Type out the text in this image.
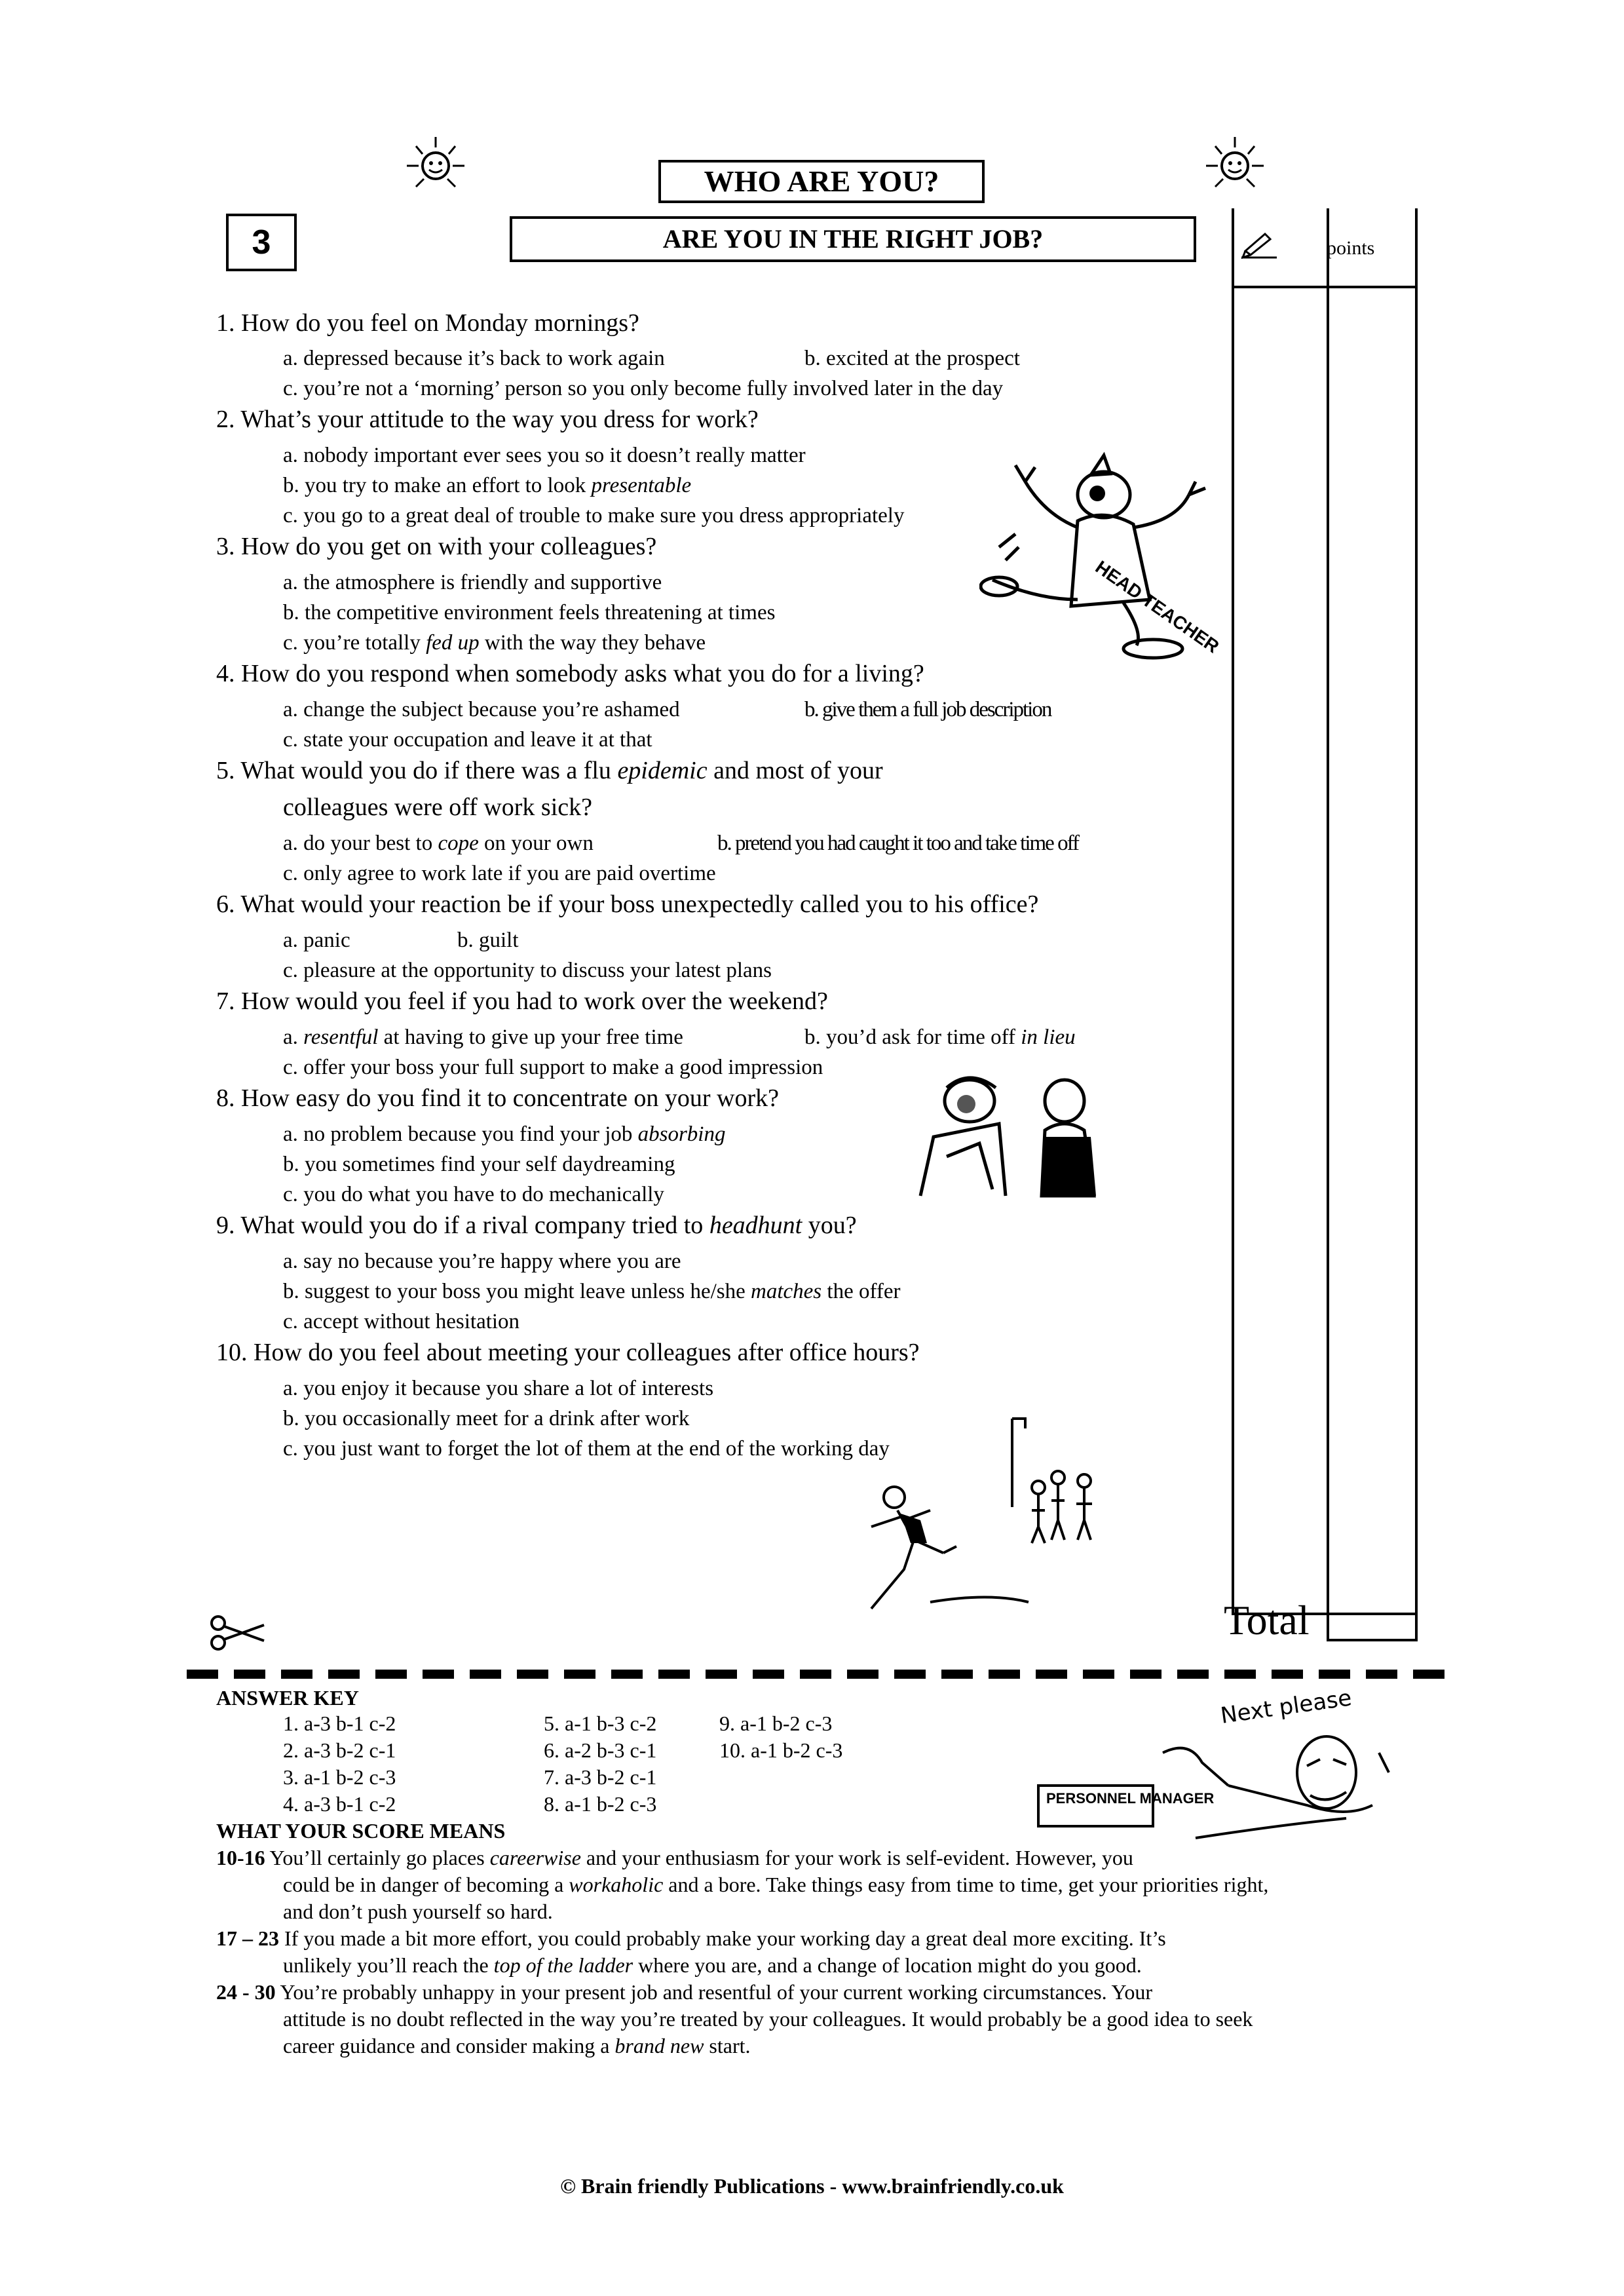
WHO ARE YOU?
3	ARE YOU IN THE RIGHT JOB?	points
Total
1. How do you feel on Monday mornings?
a. depressed because it’s back to work again	b. excited at the prospect
c. you’re not a ‘morning’ person so you only become fully involved later in the day
2. What’s your attitude to the way you dress for work?
a. nobody important ever sees you so it doesn’t really matter
b. you try to make an effort to look presentable
c. you go to a great deal of trouble to make sure you dress appropriately
3. How do you get on with your colleagues?
a. the atmosphere is friendly and supportive
b. the competitive environment feels threatening at times
c. you’re totally fed up with the way they behave
4. How do you respond when somebody asks what you do for a living?
a. change the subject because you’re ashamed	b. give them a full job description
c. state your occupation and leave it at that
5. What would you do if there was a flu epidemic and most of your
colleagues were off work sick?
a. do your best to cope on your own	b. pretend you had caught it too and take time off
c. only agree to work late if you are paid overtime
6. What would your reaction be if your boss unexpectedly called you to his office?
a. panic	b. guilt
c. pleasure at the opportunity to discuss your latest plans
7. How would you feel if you had to work over the weekend?
a. resentful at having to give up your free time	b. you’d ask for time off in lieu
c. offer your boss your full support to make a good impression
8. How easy do you find it to concentrate on your work?
a. no problem because you find your job absorbing
b. you sometimes find your self daydreaming
c. you do what you have to do mechanically
9. What would you do if a rival company tried to headhunt you?
a. say no because you’re happy where you are
b. suggest to your boss you might leave unless he/she matches the offer
c. accept without hesitation
10. How do you feel about meeting your colleagues after office hours?
a. you enjoy it because you share a lot of interests
b. you occasionally meet for a drink after work
c. you just want to forget the lot of them at the end of the working day
HEAD TEACHER
ANSWER KEY
1. a-3 b-1 c-2
2. a-3 b-2 c-1
3. a-1 b-2 c-3
4. a-3 b-1 c-2
5. a-1 b-3 c-2
6. a-2 b-3 c-1
7. a-3 b-2 c-1
8. a-1 b-2 c-3
9. a-1 b-2 c-3
10. a-1 b-2 c-3
Next please
PERSONNEL MANAGER
WHAT YOUR SCORE MEANS
10-16 You’ll certainly go places careerwise and your enthusiasm for your work is self-evident. However, you
could be in danger of becoming a workaholic and a bore. Take things easy from time to time, get your priorities right,
and don’t push yourself so hard.
17 – 23 If you made a bit more effort, you could probably make your working day a great deal more exciting. It’s
unlikely you’ll reach the top of the ladder where you are, and a change of location might do you good.
24 - 30 You’re probably unhappy in your present job and resentful of your current working circumstances. Your
attitude is no doubt reflected in the way you’re treated by your colleagues. It would probably be a good idea to seek
career guidance and consider making a brand new start.
© Brain friendly Publications - www.brainfriendly.co.uk
